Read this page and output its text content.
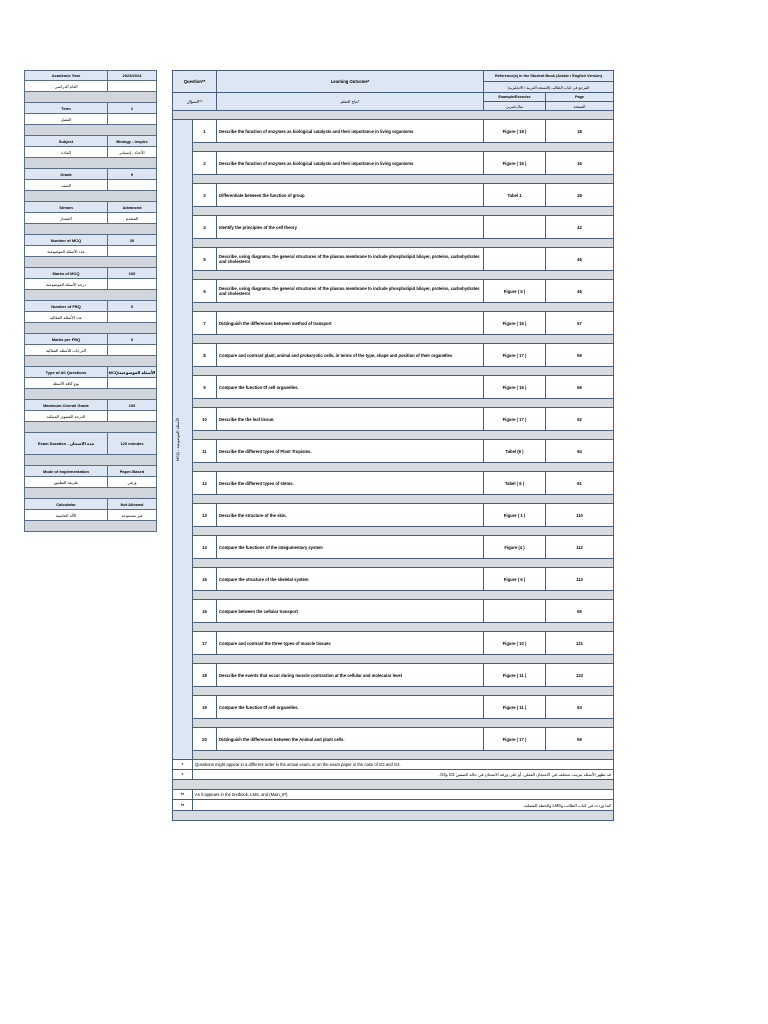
Academic Year	2023/2024
العام الدراسي
Term	1
الفصل
Subject	Biology - Inspire
المادة	الأحياء - إنسباير
Grade	9
الصف
Stream	Advanced
المسار	المتقدم
Number of MCQ	20
عدد الأسئلة الموضوعية
Marks of MCQ	100
درجة الأسئلة الموضوعية
Number of FRQ	0
عدد الأسئلة المقالية
Marks per FRQ	0
الدرجات للأسئلة المقالية
Type of All Questions	MCQ/الأسئلة الموضوعية
نوع كافة الأسئلة
Maximum Overall Grade	100
الدرجة القصوى الممكنة
Exam Duration - مدة الامتحان	120 minutes
Mode of Implementation	Paper-Based
طريقة التطبيق	ورقي
Calculator	Not Allowed
الآلة الحاسبة	غير مسموحة
Question**		Learning Outcome*	Reference(s) in the Student Book (Arabic / English Version)	
			المرجع في كتاب الطالب (النسخة العربية / الانجليزية)	
السؤال**		نتاج التعلم*	Example/Exercise	Page
			مثال/تمرين	الصفحة

MCQ - الأسئلة الموضوعية	1	Describe the function of enzymes as biological catalysts and their importance in living organisms	Figure ( 18 )	18

	2	Describe the function of enzymes as biological catalysts and their importance in living organisms	Figure ( 15 )	16

	3	Differentiate between the function of group	Tabel 1	28

	4	Identify the principles of the cell theory		42

	5	Describe, using diagrams, the general structures of the plasma membrane to include phospholipid bilayer, proteins, carbohydrates and cholesterol		46

	6	Describe, using diagrams, the general structures of the plasma membrane to include phospholipid bilayer, proteins, carbohydrates and cholesterol	Figure ( 5 )	46

	7	Distinguish the differences between method of transport	Figure ( 15 )	57

	8	Compare and contrast plant, animal and prokaryotic cells, in terms of the type, shape and position of their organelles	Figure ( 17 )	59

	9	Compare the function 0f cell organelles.	Figure ( 16 )	66

	10	Describe the the leaf tissue.	Figure ( 17 )	92

	11	Describe the different types of Plant Tropisms.	Tabel (8 )	94

	12	Describe the different types of stems.	Tabel ( 6 )	91

	13	Describe the structure of the skin.	Figure ( 1 )	110

	14	Compare the functions of the integumentary system	Figure (4 )	112

	15	Compare the structure of the skeletal system	Figure ( 6 )	113

	16	Compare between the cellular transport		55

	17	Compare and contrast the three types of muscle tissues	Figure ( 10 )	121

	18	Describe the events that occur during muscle contraction at the cellular and molecular level	Figure ( 11 )	123

	19	Compare the function 0f cell organelles.	Figure ( 11 )	63

	20	Distinguish the differences between the Animal and plant cells.	Figure ( 17 )	59

*	Questions might appear in a different order in the actual exam, or on the exam paper in the case of G3 and G4.			
*	قد تظهر الأسئلة بترتيب مختلف في الامتحان الفعلي، أو على ورقة الامتحان في حالة الصفين G3 وG4.			

**	As it appears in the textbook, LMS, and (Main_IP).			
**	كما وردت في كتاب الطالب وLMS والخطة الفصلية.			
